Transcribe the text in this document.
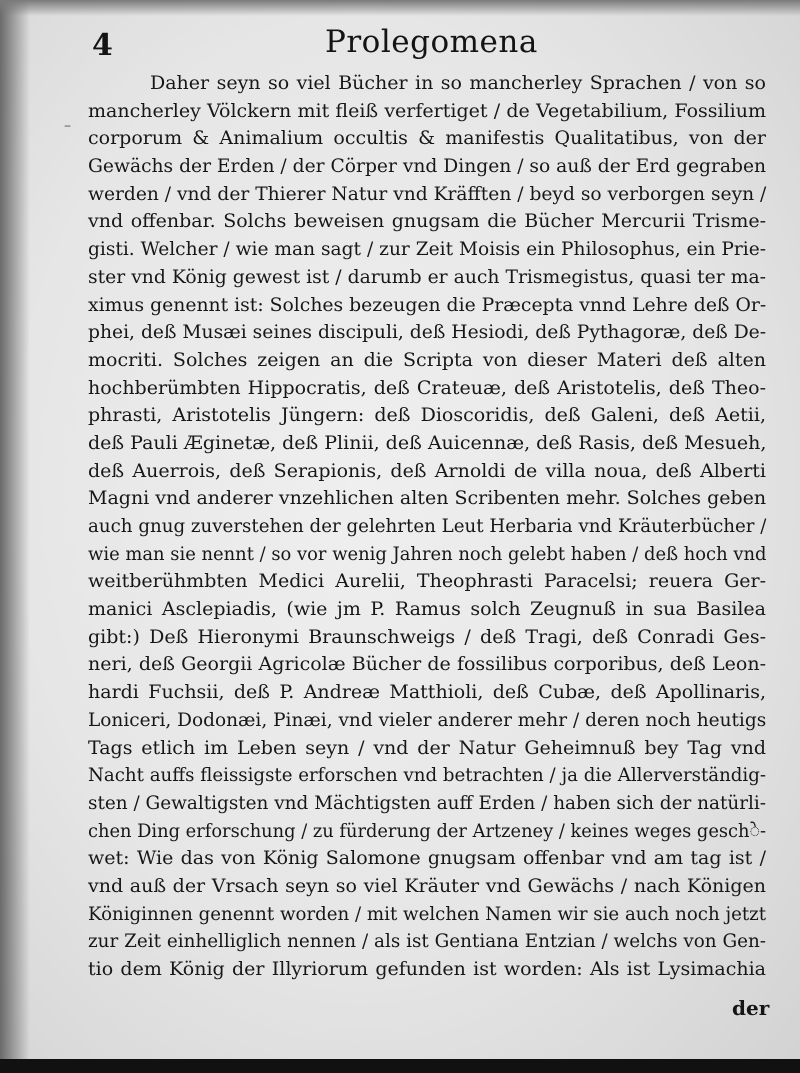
4	Prolegomena
–
Daher seyn so viel Bücher in so mancherley Sprachen / von so
mancherley Völckern mit fleiß verfertiget / de Vegetabilium, Fossilium
corporum & Animalium occultis & manifestis Qualitatibus, von der
Gewächs der Erden / der Cörper vnd Dingen / so auß der Erd gegraben
werden / vnd der Thierer Natur vnd Kräfften / beyd so verborgen seyn /
vnd offenbar. Solchs beweisen gnugsam die Bücher Mercurii Trisme-
gisti. Welcher / wie man sagt / zur Zeit Moisis ein Philosophus, ein Prie-
ster vnd König gewest ist / darumb er auch Trismegistus, quasi ter ma-
ximus genennt ist: Solches bezeugen die Præcepta vnnd Lehre deß Or-
phei, deß Musæi seines discipuli, deß Hesiodi, deß Pythagoræ, deß De-
mocriti. Solches zeigen an die Scripta von dieser Materi deß alten
hochberümbten Hippocratis, deß Crateuæ, deß Aristotelis, deß Theo-
phrasti, Aristotelis Jüngern: deß Dioscoridis, deß Galeni, deß Aetii,
deß Pauli Æginetæ, deß Plinii, deß Auicennæ, deß Rasis, deß Mesueh,
deß Auerrois, deß Serapionis, deß Arnoldi de villa noua, deß Alberti
Magni vnd anderer vnzehlichen alten Scribenten mehr. Solches geben
auch gnug zuverstehen der gelehrten Leut Herbaria vnd Kräuterbücher /
wie man sie nennt / so vor wenig Jahren noch gelebt haben / deß hoch vnd
weitberühmbten Medici Aurelii, Theophrasti Paracelsi; reuera Ger-
manici Asclepiadis, (wie jm P. Ramus solch Zeugnuß in sua Basilea
gibt:) Deß Hieronymi Braunschweigs / deß Tragi, deß Conradi Ges-
neri, deß Georgii Agricolæ Bücher de fossilibus corporibus, deß Leon-
hardi Fuchsii, deß P. Andreæ Matthioli, deß Cubæ, deß Apollinaris,
Loniceri, Dodonæi, Pinæi, vnd vieler anderer mehr / deren noch heutigs
Tags etlich im Leben seyn / vnd der Natur Geheimnuß bey Tag vnd
Nacht auffs fleissigste erforschen vnd betrachten / ja die Allerverständig-
sten / Gewaltigsten vnd Mächtigsten auff Erden / haben sich der natürli-
chen Ding erforschung / zu fürderung der Artzeney / keines weges geschे-
wet: Wie das von König Salomone gnugsam offenbar vnd am tag ist /
vnd auß der Vrsach seyn so viel Kräuter vnd Gewächs / nach Königen
Königinnen genennt worden / mit welchen Namen wir sie auch noch jetzt
zur Zeit einhelliglich nennen / als ist Gentiana Entzian / welchs von Gen-
tio dem König der Illyriorum gefunden ist worden: Als ist Lysimachia
der
